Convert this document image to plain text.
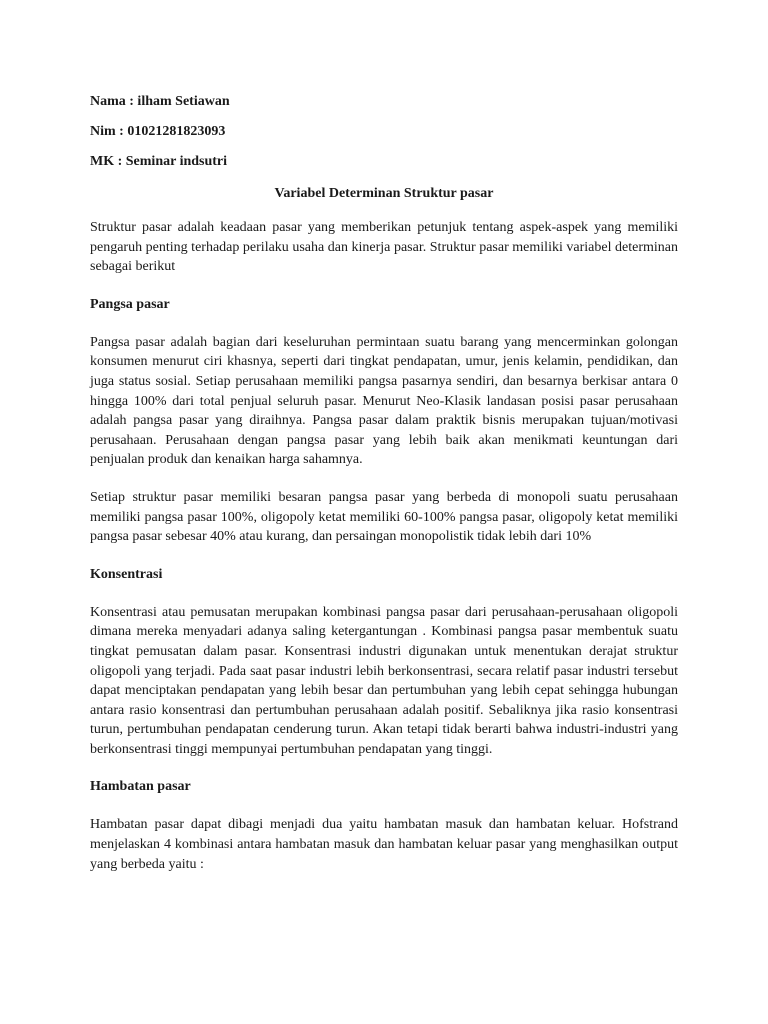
Nama : ilham Setiawan

Nim : 01021281823093

MK : Seminar indsutri

Variabel Determinan Struktur pasar

Struktur pasar adalah keadaan pasar yang memberikan petunjuk tentang aspek-aspek yang memiliki pengaruh penting terhadap perilaku usaha dan kinerja pasar. Struktur pasar memiliki variabel determinan sebagai berikut

Pangsa pasar

Pangsa pasar adalah bagian dari keseluruhan permintaan suatu barang yang mencerminkan golongan konsumen menurut ciri khasnya, seperti dari tingkat pendapatan, umur, jenis kelamin, pendidikan, dan juga status sosial. Setiap perusahaan memiliki pangsa pasarnya sendiri, dan besarnya berkisar antara 0 hingga 100% dari total penjual seluruh pasar. Menurut Neo-Klasik landasan posisi pasar perusahaan adalah pangsa pasar yang diraihnya. Pangsa pasar dalam praktik bisnis merupakan tujuan/motivasi perusahaan. Perusahaan dengan pangsa pasar yang lebih baik akan menikmati keuntungan dari penjualan produk dan kenaikan harga sahamnya.

Setiap struktur pasar memiliki besaran pangsa pasar yang berbeda di monopoli suatu perusahaan memiliki pangsa pasar 100%, oligopoly ketat memiliki 60-100% pangsa pasar, oligopoly ketat memiliki pangsa pasar sebesar 40% atau kurang, dan persaingan monopolistik tidak lebih dari 10%

Konsentrasi

Konsentrasi atau pemusatan merupakan kombinasi pangsa pasar dari perusahaan-perusahaan oligopoli dimana mereka menyadari adanya saling ketergantungan . Kombinasi pangsa pasar membentuk suatu tingkat pemusatan dalam pasar. Konsentrasi industri digunakan untuk menentukan derajat struktur oligopoli yang terjadi. Pada saat pasar industri lebih berkonsentrasi, secara relatif pasar industri tersebut dapat menciptakan pendapatan yang lebih besar dan pertumbuhan yang lebih cepat sehingga hubungan antara rasio konsentrasi dan pertumbuhan perusahaan adalah positif. Sebaliknya jika rasio konsentrasi turun, pertumbuhan pendapatan cenderung turun. Akan tetapi tidak berarti bahwa industri-industri yang berkonsentrasi tinggi mempunyai pertumbuhan pendapatan yang tinggi.

Hambatan pasar

Hambatan pasar dapat dibagi menjadi dua yaitu hambatan masuk dan hambatan keluar. Hofstrand menjelaskan 4 kombinasi antara hambatan masuk dan hambatan keluar pasar yang menghasilkan output yang berbeda yaitu :
